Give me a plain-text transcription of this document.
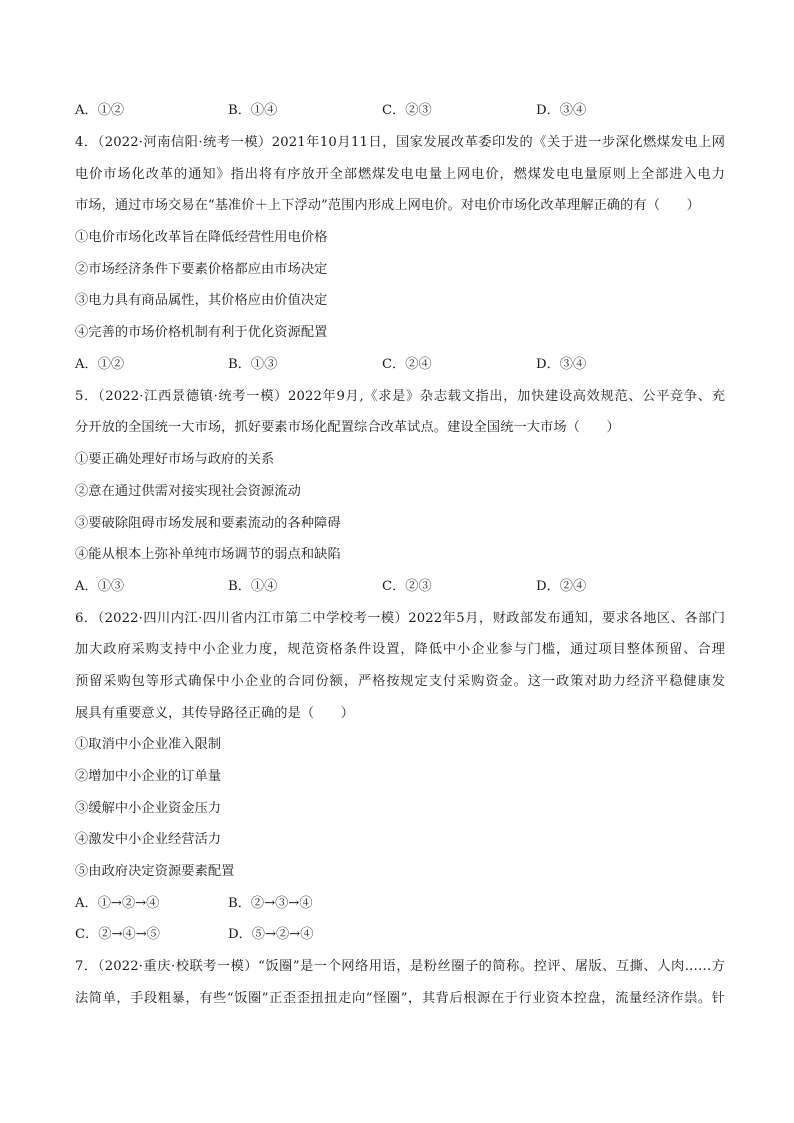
A．①②	B．①④	C．②③	D．③④
4．（2022·河南信阳·统考一模）2021年10月11日，国家发展改革委印发的《关于进一步深化燃煤发电上网
电价市场化改革的通知》指出将有序放开全部燃煤发电电量上网电价，燃煤发电电量原则上全部进入电力
市场，通过市场交易在“基准价＋上下浮动”范围内形成上网电价。对电价市场化改革理解正确的有（　　）
①电价市场化改革旨在降低经营性用电价格
②市场经济条件下要素价格都应由市场决定
③电力具有商品属性，其价格应由价值决定
④完善的市场价格机制有利于优化资源配置
A．①②	B．①③	C．②④	D．③④
5．（2022·江西景德镇·统考一模）2022年9月,《求是》杂志载文指出，加快建设高效规范、公平竞争、充
分开放的全国统一大市场，抓好要素市场化配置综合改革试点。建设全国统一大市场（　　）
①要正确处理好市场与政府的关系
②意在通过供需对接实现社会资源流动
③要破除阻碍市场发展和要素流动的各种障碍
④能从根本上弥补单纯市场调节的弱点和缺陷
A．①③	B．①④	C．②③	D．②④
6．（2022·四川内江·四川省内江市第二中学校考一模）2022年5月，财政部发布通知，要求各地区、各部门
加大政府采购支持中小企业力度，规范资格条件设置，降低中小企业参与门槛，通过项目整体预留、合理
预留采购包等形式确保中小企业的合同份额，严格按规定支付采购资金。这一政策对助力经济平稳健康发
展具有重要意义，其传导路径正确的是（　　）
①取消中小企业准入限制
②增加中小企业的订单量
③缓解中小企业资金压力
④激发中小企业经营活力
⑤由政府决定资源要素配置
A．①→②→④	B．②→③→④
C．②→④→⑤	D．⑤→②→④
7．（2022·重庆·校联考一模）“饭圈”是一个网络用语，是粉丝圈子的简称。控评、屠版、互撕、人肉……方
法简单，手段粗暴，有些“饭圈”正歪歪扭扭走向“怪圈”，其背后根源在于行业资本控盘，流量经济作祟。针
